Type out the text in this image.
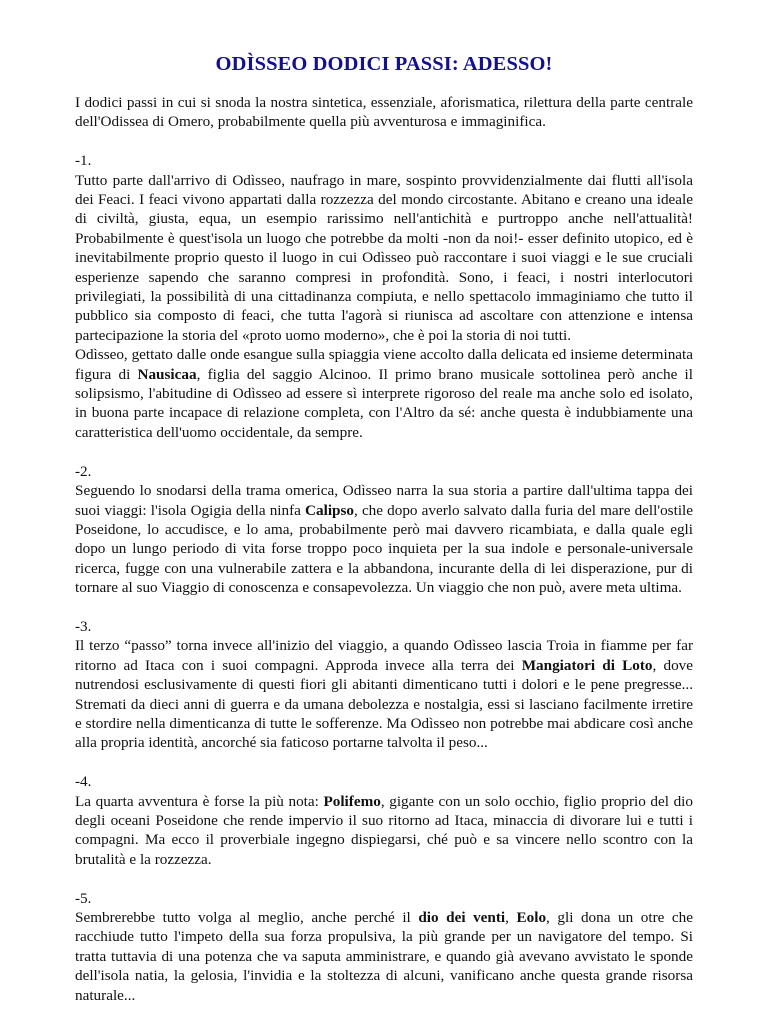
ODÌSSEO DODICI PASSI: ADESSO!

I dodici passi in cui si snoda la nostra sintetica, essenziale, aforismatica, rilettura della parte centrale dell'Odissea di Omero, probabilmente quella più avventurosa e immaginifica.

-1.

Tutto parte dall'arrivo di Odìsseo, naufrago in mare, sospinto provvidenzialmente dai flutti all'isola dei Feaci. I feaci vivono appartati dalla rozzezza del mondo circostante. Abitano e creano una ideale di civiltà, giusta, equa, un esempio rarissimo nell'antichità e purtroppo anche nell'attualità! Probabilmente è quest'isola un luogo che potrebbe da molti -non da noi!- esser definito utopico, ed è inevitabilmente proprio questo il luogo in cui Odìsseo può raccontare i suoi viaggi e le sue cruciali esperienze sapendo che saranno compresi in profondità. Sono, i feaci, i nostri interlocutori privilegiati, la possibilità di una cittadinanza compiuta, e nello spettacolo immaginiamo che tutto il pubblico sia composto di feaci, che tutta l'agorà si riunisca ad ascoltare con attenzione e intensa partecipazione la storia del «proto uomo moderno», che è poi la storia di noi tutti.

Odìsseo, gettato dalle onde esangue sulla spiaggia viene accolto dalla delicata ed insieme determinata figura di Nausicaa, figlia del saggio Alcinoo. Il primo brano musicale sottolinea però anche il solipsismo, l'abitudine di Odìsseo ad essere sì interprete rigoroso del reale ma anche solo ed isolato, in buona parte incapace di relazione completa, con l'Altro da sé: anche questa è indubbiamente una caratteristica dell'uomo occidentale, da sempre.

-2.

Seguendo lo snodarsi della trama omerica, Odìsseo narra la sua storia a partire dall'ultima tappa dei suoi viaggi: l'isola Ogigia della ninfa Calipso, che dopo averlo salvato dalla furia del mare dell'ostile Poseidone, lo accudisce, e lo ama, probabilmente però mai davvero ricambiata, e dalla quale egli dopo un lungo periodo di vita forse troppo poco inquieta per la sua indole e personale-universale ricerca, fugge con una vulnerabile zattera e la abbandona, incurante della di lei disperazione, pur di tornare al suo Viaggio di conoscenza e consapevolezza. Un viaggio che non può, avere meta ultima.

-3.

Il terzo “passo” torna invece all'inizio del viaggio, a quando Odìsseo lascia Troia in fiamme per far ritorno ad Itaca con i suoi compagni. Approda invece alla terra dei Mangiatori di Loto, dove nutrendosi esclusivamente di questi fiori gli abitanti dimenticano tutti i dolori e le pene pregresse... Stremati da dieci anni di guerra e da umana debolezza e nostalgia, essi si lasciano facilmente irretire e stordire nella dimenticanza di tutte le sofferenze. Ma Odìsseo non potrebbe mai abdicare così anche alla propria identità, ancorché sia faticoso portarne talvolta il peso...

-4.

La quarta avventura è forse la più nota: Polifemo, gigante con un solo occhio, figlio proprio del dio degli oceani Poseidone che rende impervio il suo ritorno ad Itaca, minaccia di divorare lui e tutti i compagni. Ma ecco il proverbiale ingegno dispiegarsi, ché può e sa vincere nello scontro con la brutalità e la rozzezza.

-5.

Sembrerebbe tutto volga al meglio, anche perché il dio dei venti, Eolo, gli dona un otre che racchiude tutto l'impeto della sua forza propulsiva, la più grande per un navigatore del tempo. Si tratta tuttavia di una potenza che va saputa amministrare, e quando già avevano avvistato le sponde dell'isola natia, la gelosia, l'invidia e la stoltezza di alcuni, vanificano anche questa grande risorsa naturale...
